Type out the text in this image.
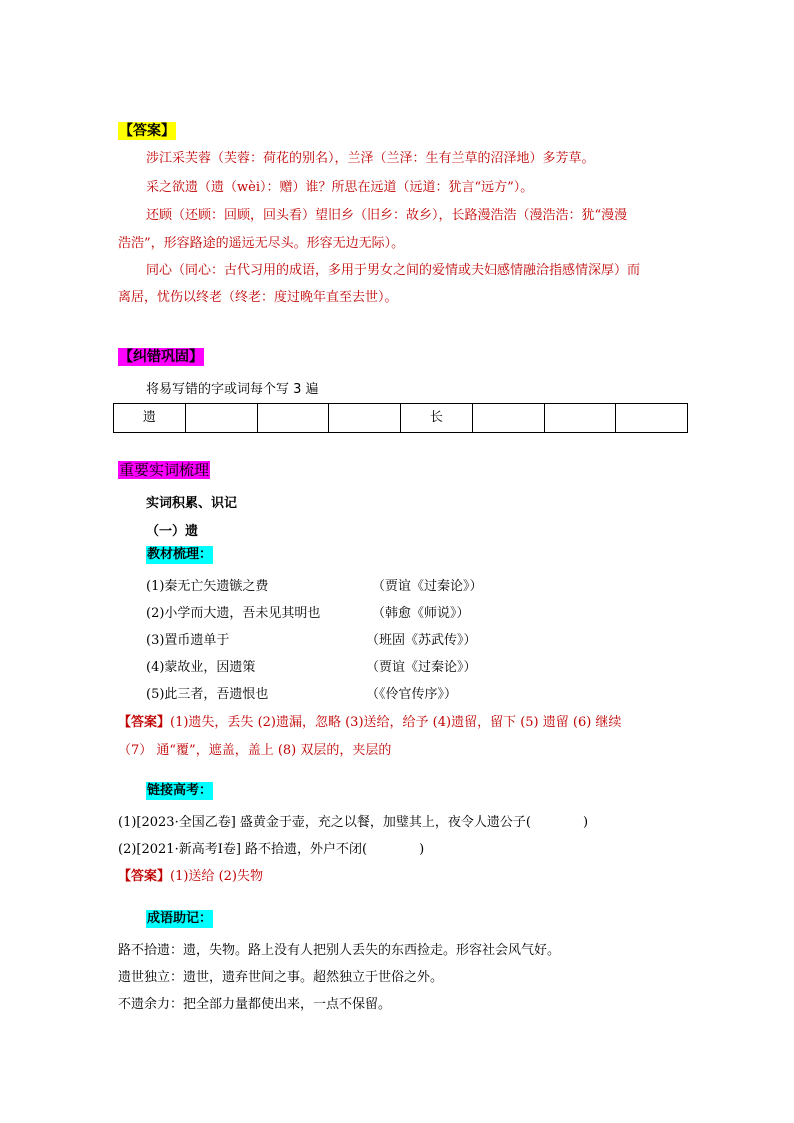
【答案】
涉江采芙蓉（芙蓉：荷花的别名），兰泽（兰泽：生有兰草的沼泽地）多芳草。
采之欲遗（遗（wèi）：赠）谁？所思在远道（远道：犹言“远方”）。
还顾（还顾：回顾，回头看）望旧乡（旧乡：故乡），长路漫浩浩（漫浩浩：犹“漫漫
浩浩”，形容路途的遥远无尽头。形容无边无际）。
同心（同心：古代习用的成语，多用于男女之间的爱情或夫妇感情融洽指感情深厚）而
离居，忧伤以终老（终老：度过晚年直至去世）。
【纠错巩固】
将易写错的字或词每个写 3 遍
遗				长			
重要实词梳理
实词积累、识记
（一）遗
教材梳理：
(1)秦无亡矢遗镞之费	（贾谊《过秦论》）
(2)小学而大遗，吾未见其明也	（韩愈《师说》）
(3)置币遗单于	（班固《苏武传》）
(4)蒙故业，因遗策	（贾谊《过秦论》）
(5)此三者，吾遗恨也	（《伶官传序》）
【答案】(1)遗失，丢失 (2)遗漏，忽略 (3)送给，给予 (4)遗留，留下 (5) 遗留 (6) 继续
（7） 通“覆”，遮盖，盖上 (8) 双层的，夹层的
链接高考：
(1)[2023·全国乙卷] 盛黄金于壶，充之以餐，加璧其上，夜令人遗公子(　　　　)
(2)[2021·新高考Ⅰ卷] 路不拾遗，外户不闭(　　　　)
【答案】(1)送给 (2)失物
成语助记：
路不拾遗：遗，失物。路上没有人把别人丢失的东西捡走。形容社会风气好。
遗世独立：遗世，遗弃世间之事。超然独立于世俗之外。
不遗余力：把全部力量都使出来，一点不保留。
